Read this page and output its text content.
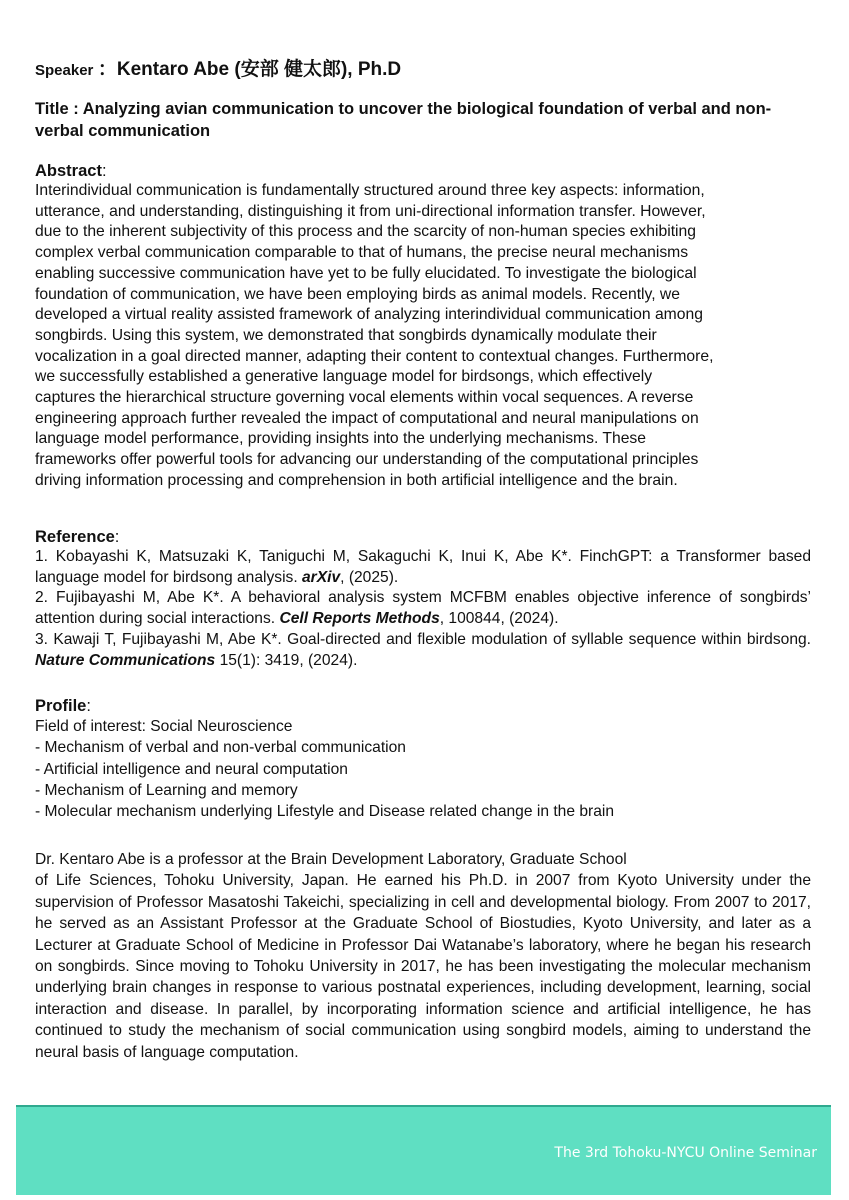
Speaker ：Kentaro Abe (安部 健太郎), Ph.D
Title : Analyzing avian communication to uncover the biological foundation of verbal and non-verbal communication
Abstract:

Interindividual communication is fundamentally structured around three key aspects: information,

utterance, and understanding, distinguishing it from uni-directional information transfer. However,

due to the inherent subjectivity of this process and the scarcity of non-human species exhibiting

complex verbal communication comparable to that of humans, the precise neural mechanisms

enabling successive communication have yet to be fully elucidated. To investigate the biological

foundation of communication, we have been employing birds as animal models. Recently, we

developed a virtual reality assisted framework of analyzing interindividual communication among

songbirds. Using this system, we demonstrated that songbirds dynamically modulate their

vocalization in a goal directed manner, adapting their content to contextual changes. Furthermore,

we successfully established a generative language model for birdsongs, which effectively

captures the hierarchical structure governing vocal elements within vocal sequences. A reverse

engineering approach further revealed the impact of computational and neural manipulations on

language model performance, providing insights into the underlying mechanisms. These

frameworks offer powerful tools for advancing our understanding of the computational principles

driving information processing and comprehension in both artificial intelligence and the brain.

Reference:

1. Kobayashi K, Matsuzaki K, Taniguchi M, Sakaguchi K, Inui K, Abe K*. FinchGPT: a Transformer based language model for birdsong analysis. arXiv, (2025).

2. Fujibayashi M, Abe K*. A behavioral analysis system MCFBM enables objective inference of songbirds’ attention during social interactions. Cell Reports Methods, 100844, (2024).

3. Kawaji T, Fujibayashi M, Abe K*. Goal-directed and flexible modulation of syllable sequence within birdsong. Nature Communications 15(1): 3419, (2024).

Profile:

Field of interest: Social Neuroscience

- Mechanism of verbal and non-verbal communication

- Artificial intelligence and neural computation

- Mechanism of Learning and memory

- Molecular mechanism underlying Lifestyle and Disease related change in the brain

Dr. Kentaro Abe is a professor at the Brain Development Laboratory, Graduate School

of Life Sciences, Tohoku University, Japan. He earned his Ph.D. in 2007 from Kyoto University under the supervision of Professor Masatoshi Takeichi, specializing in cell and developmental biology. From 2007 to 2017, he served as an Assistant Professor at the Graduate School of Biostudies, Kyoto University, and later as a Lecturer at Graduate School of Medicine in Professor Dai Watanabe’s laboratory, where he began his research on songbirds. Since moving to Tohoku University in 2017, he has been investigating the molecular mechanism underlying brain changes in response to various postnatal experiences, including development, learning, social interaction and disease. In parallel, by incorporating information science and artificial intelligence, he has continued to study the mechanism of social communication using songbird models, aiming to understand the neural basis of language computation.

The 3rd Tohoku-NYCU Online Seminar
